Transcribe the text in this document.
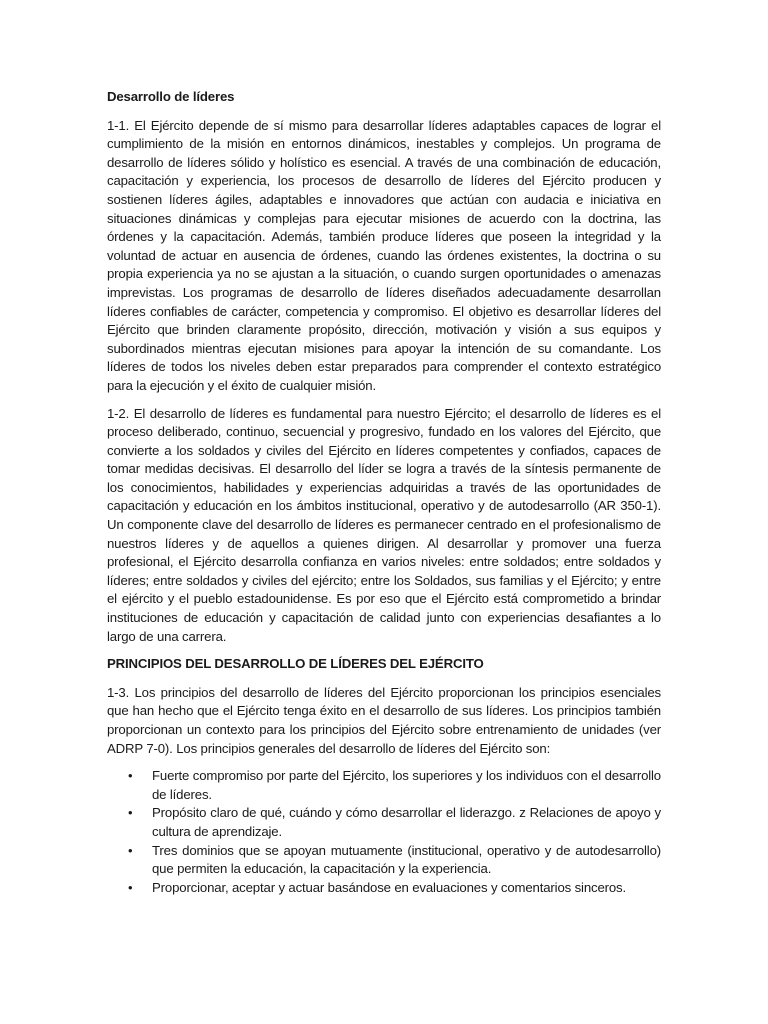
Desarrollo de líderes

1-1. El Ejército depende de sí mismo para desarrollar líderes adaptables capaces de lograr el cumplimiento de la misión en entornos dinámicos, inestables y complejos. Un programa de desarrollo de líderes sólido y holístico es esencial. A través de una combinación de educación, capacitación y experiencia, los procesos de desarrollo de líderes del Ejército producen y sostienen líderes ágiles, adaptables e innovadores que actúan con audacia e iniciativa en situaciones dinámicas y complejas para ejecutar misiones de acuerdo con la doctrina, las órdenes y la capacitación. Además, también produce líderes que poseen la integridad y la voluntad de actuar en ausencia de órdenes, cuando las órdenes existentes, la doctrina o su propia experiencia ya no se ajustan a la situación, o cuando surgen oportunidades o amenazas imprevistas. Los programas de desarrollo de líderes diseñados adecuadamente desarrollan líderes confiables de carácter, competencia y compromiso. El objetivo es desarrollar líderes del Ejército que brinden claramente propósito, dirección, motivación y visión a sus equipos y subordinados mientras ejecutan misiones para apoyar la intención de su comandante. Los líderes de todos los niveles deben estar preparados para comprender el contexto estratégico para la ejecución y el éxito de cualquier misión.

1-2. El desarrollo de líderes es fundamental para nuestro Ejército; el desarrollo de líderes es el proceso deliberado, continuo, secuencial y progresivo, fundado en los valores del Ejército, que convierte a los soldados y civiles del Ejército en líderes competentes y confiados, capaces de tomar medidas decisivas. El desarrollo del líder se logra a través de la síntesis permanente de los conocimientos, habilidades y experiencias adquiridas a través de las oportunidades de capacitación y educación en los ámbitos institucional, operativo y de autodesarrollo (AR 350-1). Un componente clave del desarrollo de líderes es permanecer centrado en el profesionalismo de nuestros líderes y de aquellos a quienes dirigen. Al desarrollar y promover una fuerza profesional, el Ejército desarrolla confianza en varios niveles: entre soldados; entre soldados y líderes; entre soldados y civiles del ejército; entre los Soldados, sus familias y el Ejército; y entre el ejército y el pueblo estadounidense. Es por eso que el Ejército está comprometido a brindar instituciones de educación y capacitación de calidad junto con experiencias desafiantes a lo largo de una carrera.

PRINCIPIOS DEL DESARROLLO DE LÍDERES DEL EJÉRCITO

1-3. Los principios del desarrollo de líderes del Ejército proporcionan los principios esenciales que han hecho que el Ejército tenga éxito en el desarrollo de sus líderes. Los principios también proporcionan un contexto para los principios del Ejército sobre entrenamiento de unidades (ver ADRP 7-0). Los principios generales del desarrollo de líderes del Ejército son:

• Fuerte compromiso por parte del Ejército, los superiores y los individuos con el desarrollo de líderes.
• Propósito claro de qué, cuándo y cómo desarrollar el liderazgo. z Relaciones de apoyo y cultura de aprendizaje.
• Tres dominios que se apoyan mutuamente (institucional, operativo y de autodesarrollo) que permiten la educación, la capacitación y la experiencia.
• Proporcionar, aceptar y actuar basándose en evaluaciones y comentarios sinceros.
